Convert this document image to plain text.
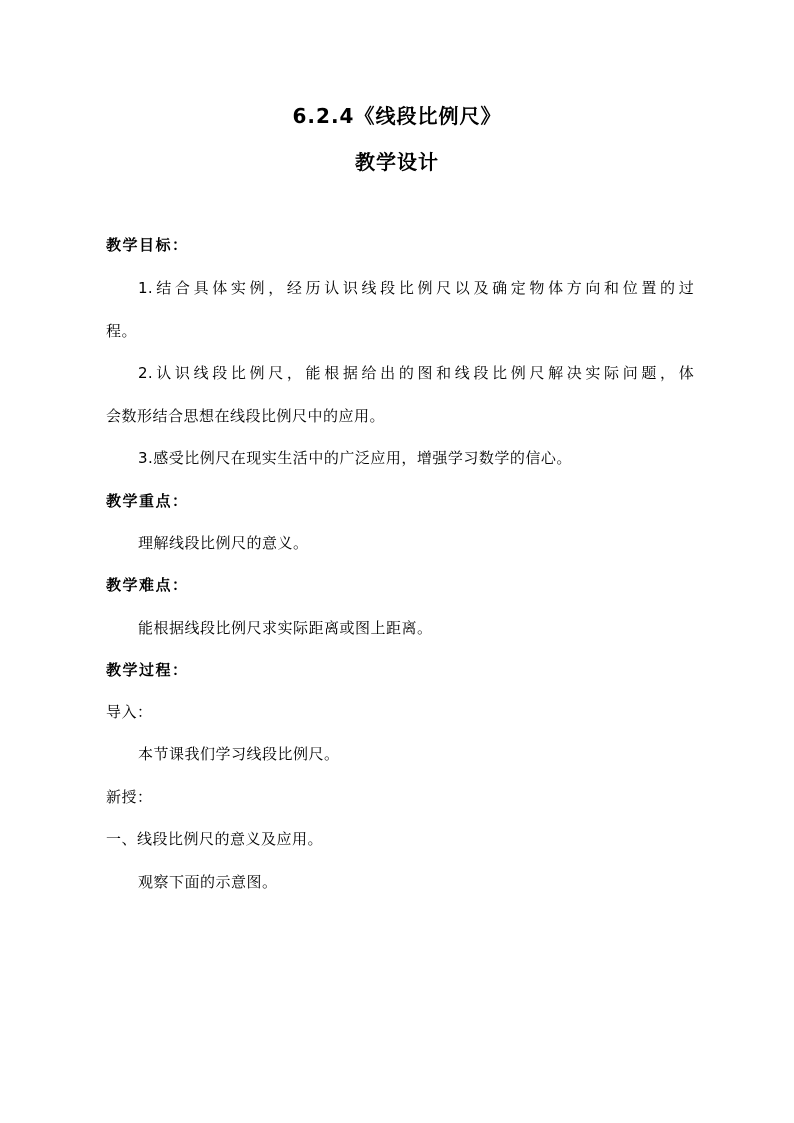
6.2.4《线段比例尺》
教学设计
教学目标：
1.结合具体实例，经历认识线段比例尺以及确定物体方向和位置的过
程。
2.认识线段比例尺，能根据给出的图和线段比例尺解决实际问题，体
会数形结合思想在线段比例尺中的应用。
3.感受比例尺在现实生活中的广泛应用，增强学习数学的信心。
教学重点：
理解线段比例尺的意义。
教学难点：
能根据线段比例尺求实际距离或图上距离。
教学过程：
导入：
本节课我们学习线段比例尺。
新授：
一、线段比例尺的意义及应用。
观察下面的示意图。
